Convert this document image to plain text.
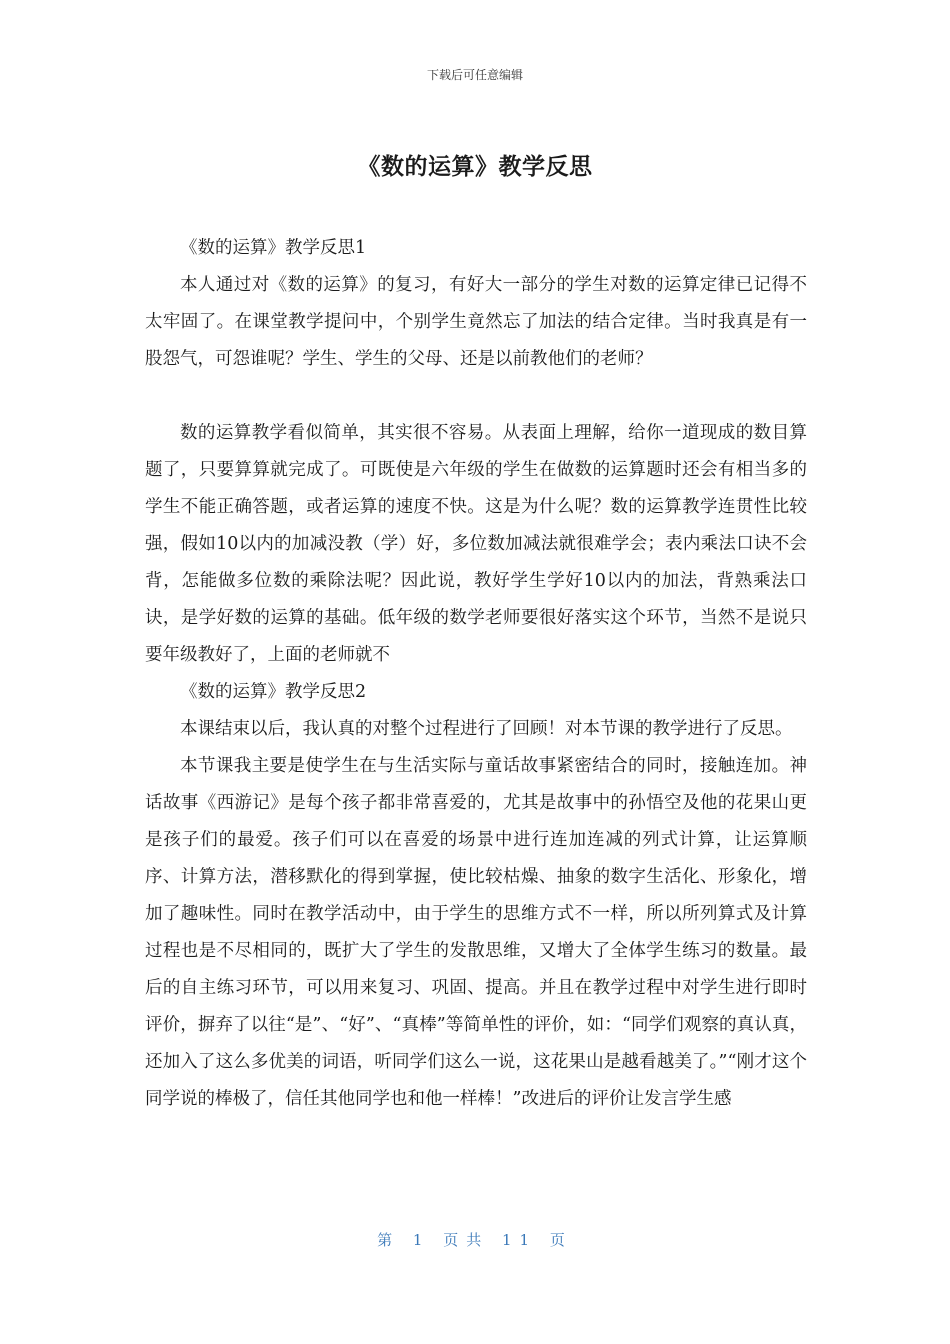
下载后可任意编辑
《数的运算》教学反思

《数的运算》教学反思1

本人通过对《数的运算》的复习，有好大一部分的学生对数的运算定律已记得不太牢固了。在课堂教学提问中，个别学生竟然忘了加法的结合定律。当时我真是有一股怨气，可怨谁呢？学生、学生的父母、还是以前教他们的老师？

数的运算教学看似简单，其实很不容易。从表面上理解，给你一道现成的数目算题了，只要算算就完成了。可既使是六年级的学生在做数的运算题时还会有相当多的学生不能正确答题，或者运算的速度不快。这是为什么呢？数的运算教学连贯性比较强，假如10以内的加减没教（学）好，多位数加减法就很难学会；表内乘法口诀不会背，怎能做多位数的乘除法呢？因此说，教好学生学好10以内的加法，背熟乘法口诀，是学好数的运算的基础。低年级的数学老师要很好落实这个环节，当然不是说只要年级教好了，上面的老师就不

《数的运算》教学反思2

本课结束以后，我认真的对整个过程进行了回顾！对本节课的教学进行了反思。

本节课我主要是使学生在与生活实际与童话故事紧密结合的同时，接触连加。神话故事《西游记》是每个孩子都非常喜爱的，尤其是故事中的孙悟空及他的花果山更是孩子们的最爱。孩子们可以在喜爱的场景中进行连加连减的列式计算，让运算顺序、计算方法，潜移默化的得到掌握，使比较枯燥、抽象的数字生活化、形象化，增加了趣味性。同时在教学活动中，由于学生的思维方式不一样，所以所列算式及计算过程也是不尽相同的，既扩大了学生的发散思维，又增大了全体学生练习的数量。最后的自主练习环节，可以用来复习、巩固、提高。并且在教学过程中对学生进行即时评价，摒弃了以往“是”、“好”、“真棒”等简单性的评价，如：“同学们观察的真认真，还加入了这么多优美的词语，听同学们这么一说，这花果山是越看越美了。”“刚才这个同学说的棒极了，信任其他同学也和他一样棒！”改进后的评价让发言学生感

第 1 页共 11 页
